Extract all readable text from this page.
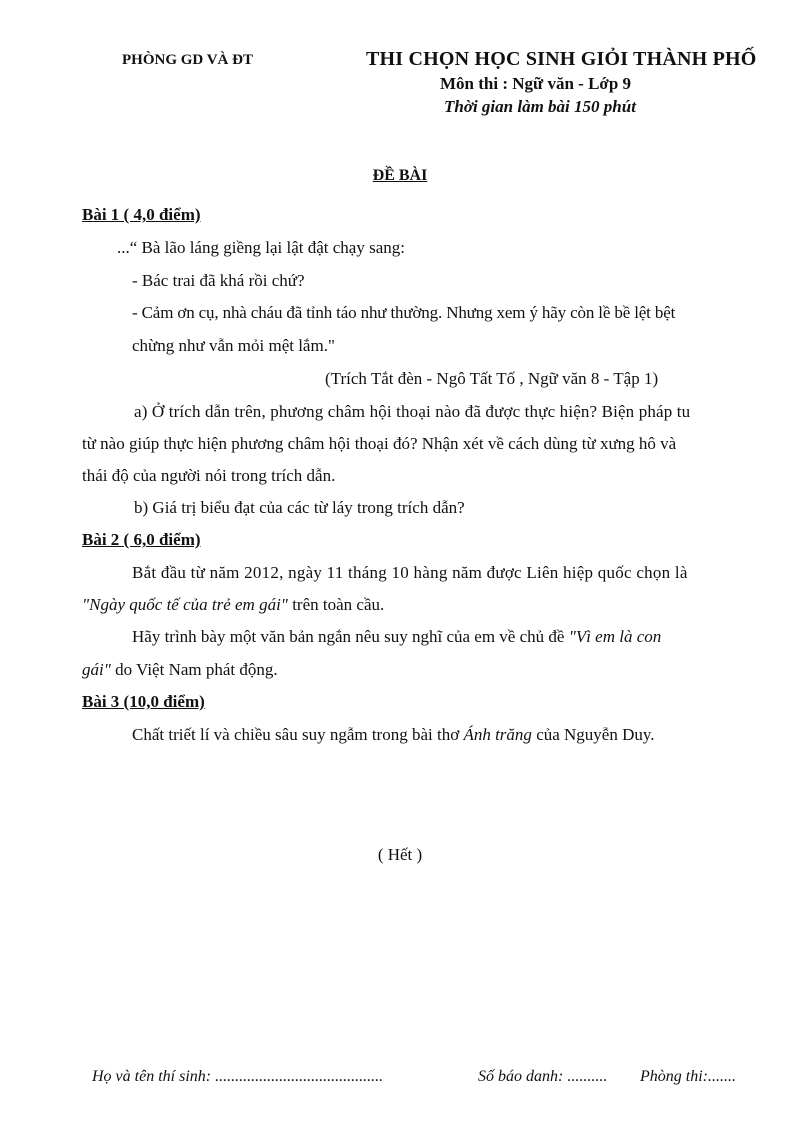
PHÒNG GD VÀ ĐT	THI CHỌN HỌC SINH GIỎI THÀNH PHỐ
Môn thi : Ngữ văn - Lớp 9
Thời gian làm bài 150 phút
ĐỀ BÀI
Bài 1 ( 4,0 điểm)
...“ Bà lão láng giềng lại lật đật chạy sang:
- Bác trai đã khá rồi chứ?
- Cảm ơn cụ, nhà cháu đã tỉnh táo như thường. Nhưng xem ý hãy còn lề bề lệt bệt
chừng như vẫn mỏi mệt lắm."
(Trích Tắt đèn - Ngô Tất Tố , Ngữ văn 8 - Tập 1)
a) Ở trích dẫn trên, phương châm hội thoại nào đã được thực hiện? Biện pháp tu
từ nào giúp thực hiện phương châm hội thoại đó? Nhận xét về cách dùng từ xưng hô và
thái độ của người nói trong trích dẫn.
b) Giá trị biểu đạt của các từ láy trong trích dẫn?
Bài 2 ( 6,0 điểm)
Bắt đầu từ năm 2012, ngày 11 tháng 10 hàng năm được Liên hiệp quốc chọn là
"Ngày quốc tế của trẻ em gái" trên toàn cầu.
Hãy trình bày một văn bản ngắn nêu suy nghĩ của em về chủ đề "Vì em là con
gái" do Việt Nam phát động.
Bài 3 (10,0 điểm)
Chất triết lí và chiều sâu suy ngẫm trong bài thơ Ánh trăng của Nguyễn Duy.
( Hết )
Họ và tên thí sinh: ..........................................	Số báo danh: .......... Phòng thi:.......
